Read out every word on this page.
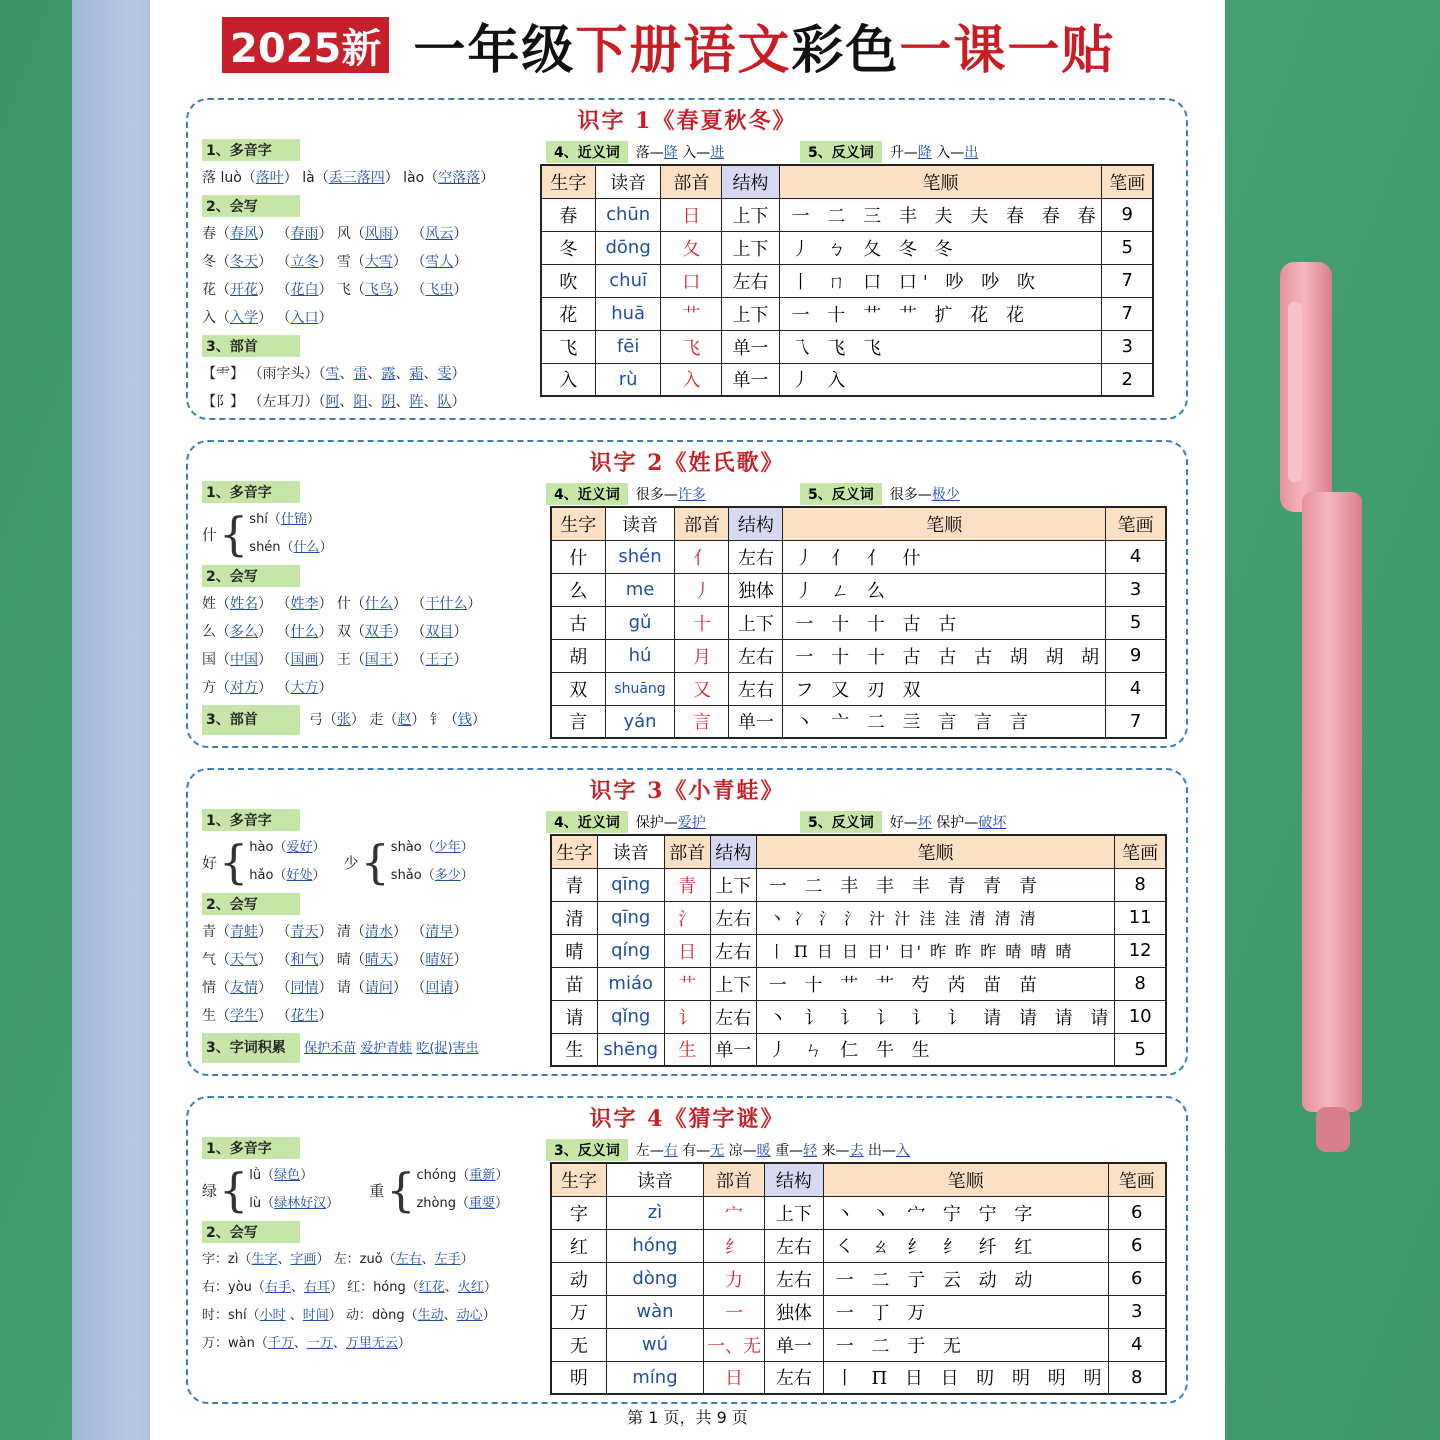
2025新 一年级下册语文彩色一课一贴
识字 1《春夏秋冬》
1、多音字
落 luò（落叶） là（丢三落四） lào（空落落）
2、会写
春（春风） （春雨） 风（风雨） （风云）
冬（冬天） （立冬） 雪（大雪） （雪人）
花（开花） （花白） 飞（飞鸟） （飞虫）
入（入学） （入口）
3、部首
【⻗】 （雨字头）（雪、雷、露、霜、雯）
【阝】 （左耳刀）（阿、阳、阴、阵、队）
4、近义词 落—降 入—进	5、反义词 升—降 入—出
生字	读音	部首	结构	笔顺	笔画
春	chūn	日	上下	一 二 三 丰 夫 夫 春 春 春	9
冬	dōng	夂	上下	丿 ㄅ 夂 冬 冬	5
吹	chuī	口	左右	丨 ㄇ 口 口' 吵 吵 吹	7
花	huā	艹	上下	一 十 艹 艹 扩 花 花	7
飞	fēi	飞	单一	乁 飞 飞	3
入	rù	入	单一	丿 入	2
识字 2《姓氏歌》
1、多音字
什 { shí（什锦）
shén（什么）
2、会写
姓（姓名） （姓李） 什（什么） （干什么）
么（多么） （什么） 双（双手） （双目）
国（中国） （国画） 王（国王） （王子）
方（对方） （大方）
3、部首	弓（张） 走（赵） 钅（钱）
4、近义词 很多—许多	5、反义词 很多—极少
生字	读音	部首	结构	笔顺	笔画
什	shén	亻	左右	丿 亻 亻 什	4
么	me	丿	独体	丿 ㄥ 么	3
古	gǔ	十	上下	一 十 十 古 古	5
胡	hú	月	左右	一 十 十 古 古 古 胡 胡 胡	9
双	shuāng	又	左右	フ 又 刃 双	4
言	yán	言	单一	丶 亠 二 亖 言 言 言	7
识字 3《小青蛙》
1、多音字
好 { hào（爱好）
hǎo（好处）
少 { shào（少年）
shǎo（多少）
2、会写
青（青蛙） （青天） 清（清水） （清早）
气（天气） （和气） 晴（晴天） （晴好）
情（友情） （同情） 请（请问） （回请）
生（学生） （花生）
3、字词积累 保护禾苗 爱护青蛙 吃(捉)害虫
4、近义词 保护—爱护	5、反义词 好—坏 保护—破坏
生字	读音	部首	结构	笔顺	笔画
青	qīng	青	上下	一 二 丰 丰 丰 青 青 青	8
清	qīng	氵	左右	丶 冫 氵 氵 汁 汁 洼 洼 清 清 清	11
晴	qíng	日	左右	丨 П 日 日 日' 日' 昨 昨 昨 晴 晴 晴	12
苗	miáo	艹	上下	一 十 艹 艹 芍 芮 苗 苗	8
请	qǐng	讠	左右	丶 讠 讠 讠 讠 讠 请 请 请 请	10
生	shēng	生	单一	丿 ㄣ 仁 牛 生	5
识字 4《猜字谜》
1、多音字
绿 { lǜ（绿色）
lù（绿林好汉）
重 { chóng（重新）
zhòng（重要）
2、会写
字：zì（生字、字画） 左：zuǒ（左右、左手）
右：yòu（右手、右耳） 红：hóng（红花、火红）
时：shí（小时 、时间） 动：dòng（生动、动心）
万：wàn（千万、一万、万里无云）
3、反义词 左—右 有—无 凉—暖 重—轻 来—去 出—入
生字	读音	部首	结构	笔顺	笔画
字	zì	宀	上下	丶 丶 宀 宁 宁 字	6
红	hóng	纟	左右	㇛ ㄠ 纟 纟 纤 红	6
动	dòng	力	左右	一 二 亍 云 动 动	6
万	wàn	一	独体	一 丁 万	3
无	wú	一、无	单一	一 二 于 无	4
明	míng	日	左右	丨 П 日 日 旫 明 明 明	8
第 1 页，共 9 页
